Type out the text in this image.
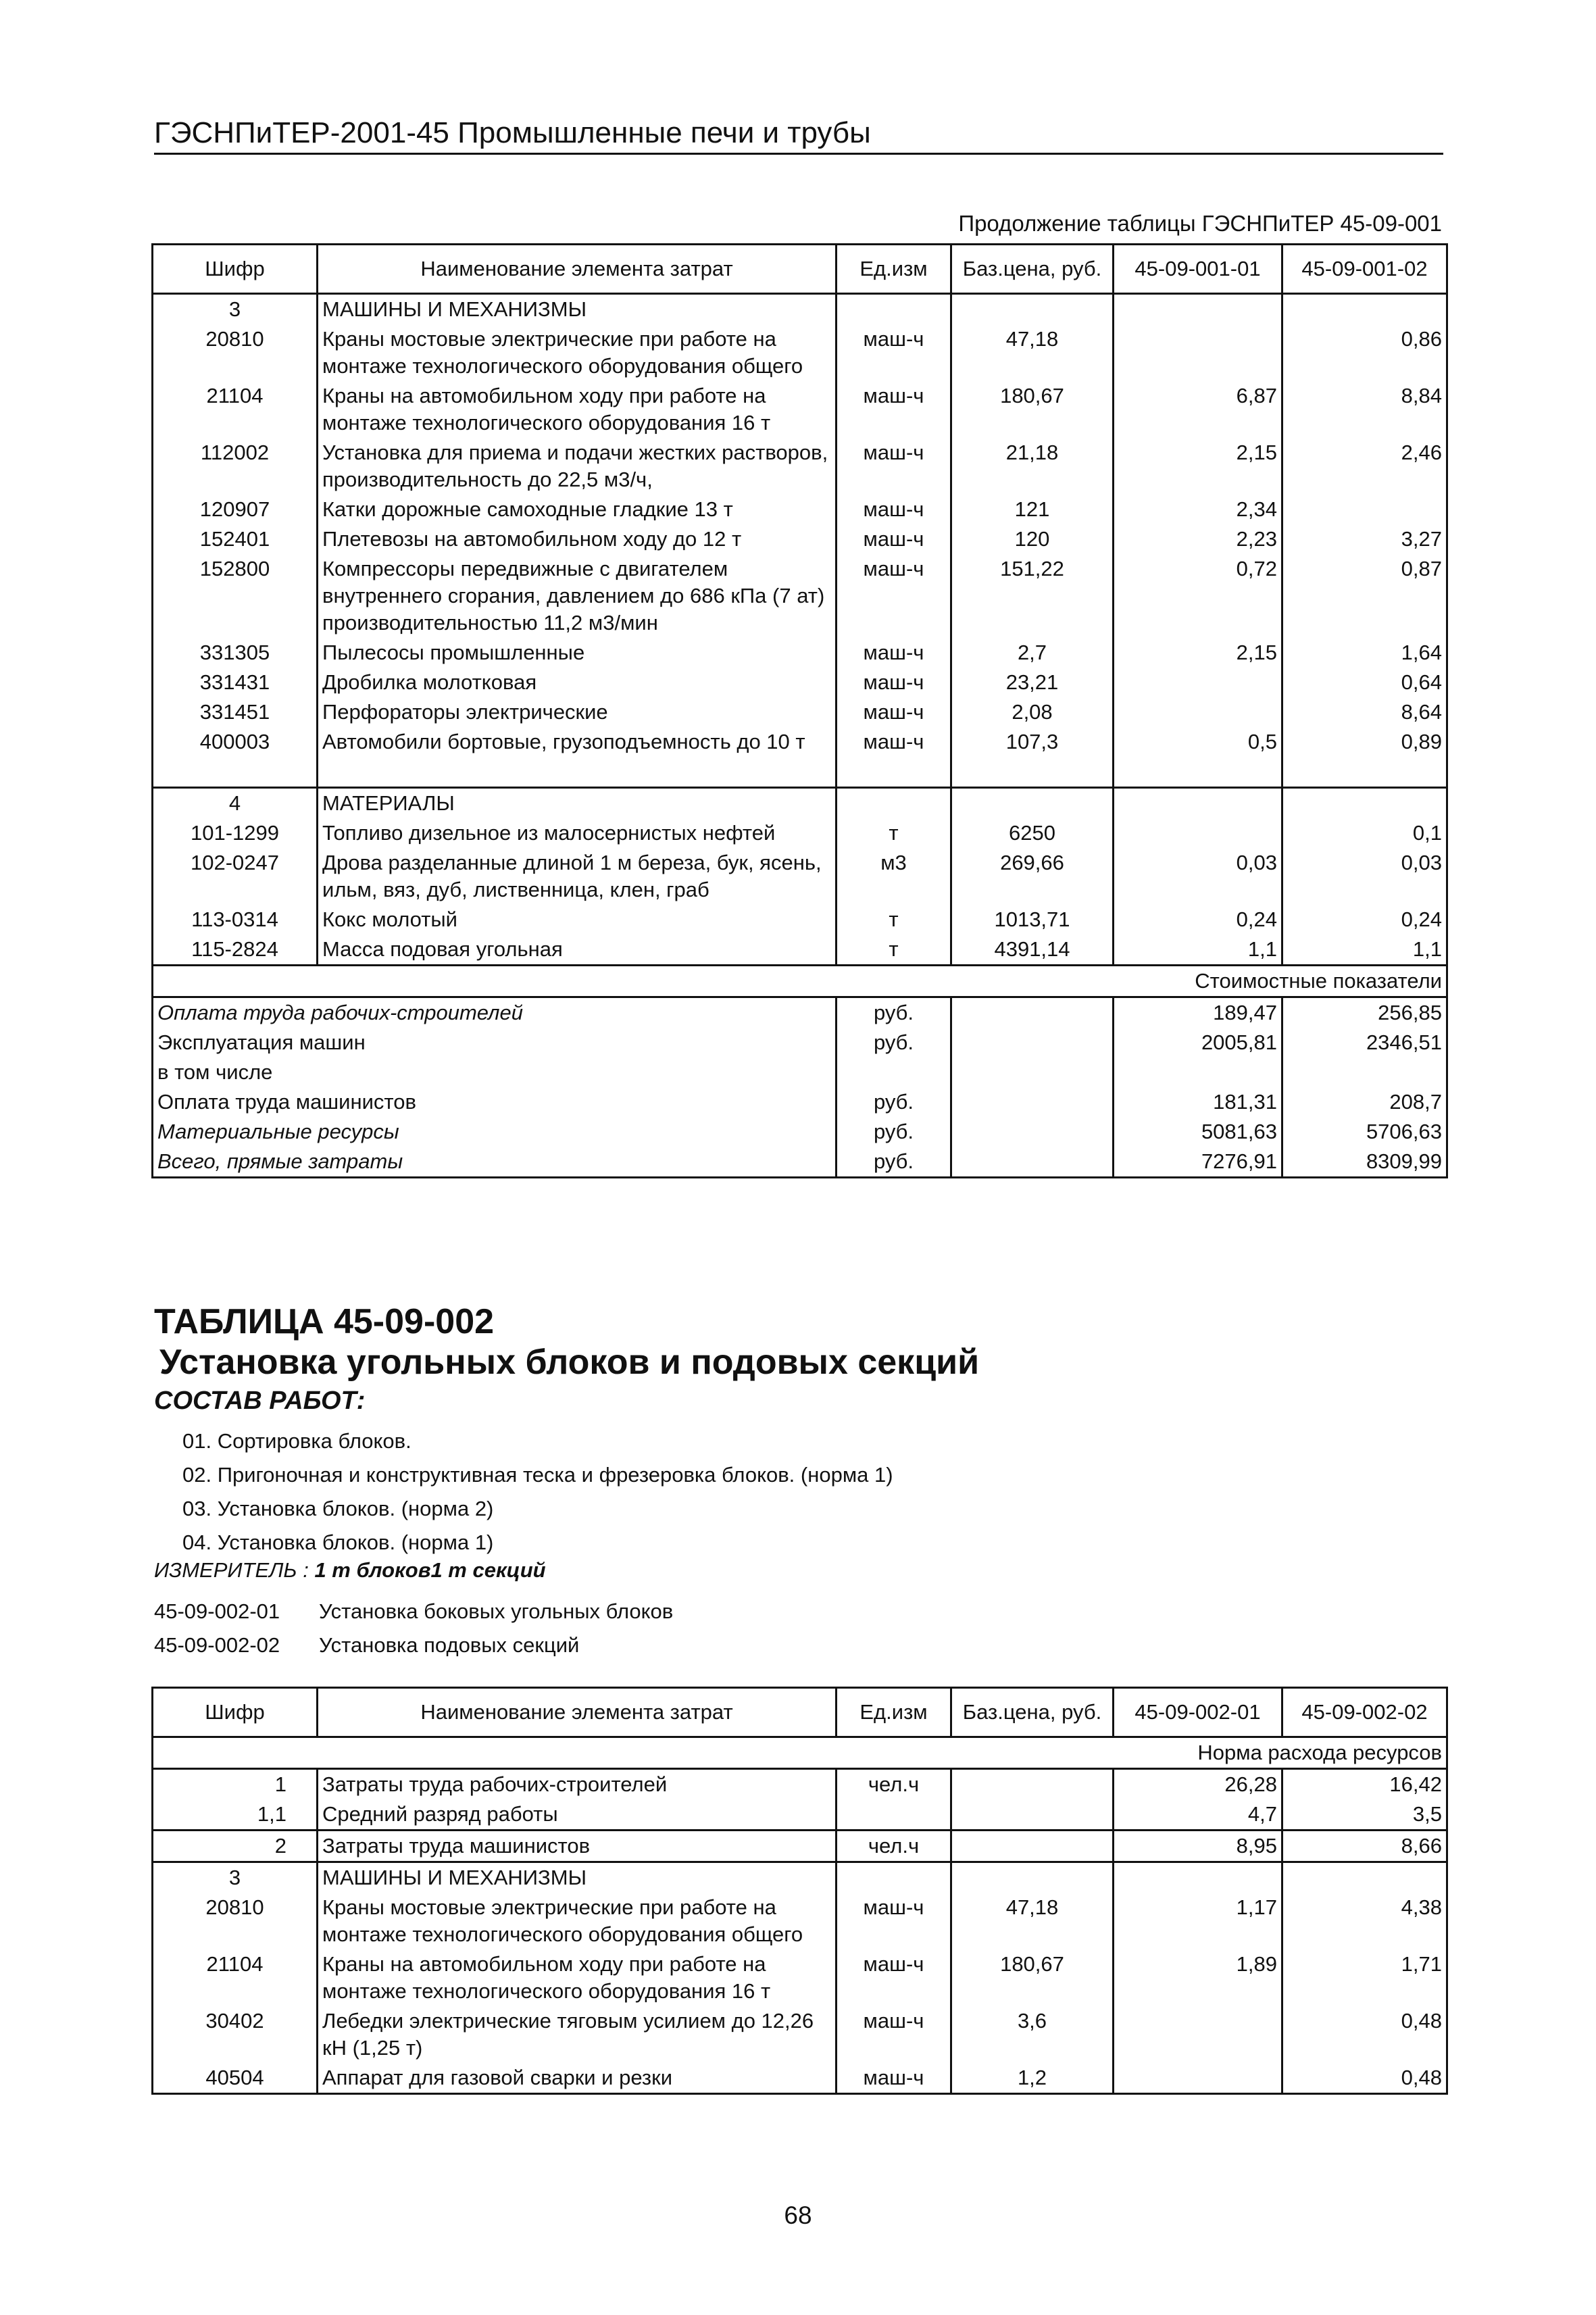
ГЭСНПиТЕР-2001-45 Промышленные печи и трубы
Продолжение таблицы ГЭСНПиТЕР 45-09-001
Шифр	Наименование элемента затрат	Ед.изм	Баз.цена, руб.	45-09-001-01	45-09-001-02
3	МАШИНЫ И МЕХАНИЗМЫ				
20810	Краны мостовые электрические при работе на монтаже технологического оборудования общего	маш-ч	47,18		0,86
21104	Краны на автомобильном ходу при работе на монтаже технологического оборудования 16 т	маш-ч	180,67	6,87	8,84
112002	Установка для приема и подачи жестких растворов, производительность до 22,5 м3/ч,	маш-ч	21,18	2,15	2,46
120907	Катки дорожные самоходные гладкие 13 т	маш-ч	121	2,34	
152401	Плетевозы на автомобильном ходу до 12 т	маш-ч	120	2,23	3,27
152800	Компрессоры передвижные с двигателем внутреннего сгорания, давлением до 686 кПа (7 ат) производительностью 11,2 м3/мин	маш-ч	151,22	0,72	0,87
331305	Пылесосы промышленные	маш-ч	2,7	2,15	1,64
331431	Дробилка молотковая	маш-ч	23,21		0,64
331451	Перфораторы электрические	маш-ч	2,08		8,64
400003	Автомобили бортовые, грузоподъемность до 10 т	маш-ч	107,3	0,5	0,89

4	МАТЕРИАЛЫ				
101-1299	Топливо дизельное из малосернистых нефтей	т	6250		0,1
102-0247	Дрова разделанные длиной 1 м береза, бук, ясень, ильм, вяз, дуб, лиственница, клен, граб	м3	269,66	0,03	0,03
113-0314	Кокс молотый	т	1013,71	0,24	0,24
115-2824	Масса подовая угольная	т	4391,14	1,1	1,1
Стоимостные показатели					
Оплата труда рабочих-строителей		руб.		189,47	256,85
Эксплуатация машин		руб.		2005,81	2346,51
в том числе					
Оплата труда машинистов		руб.		181,31	208,7
Материальные ресурсы		руб.		5081,63	5706,63
Всего, прямые затраты		руб.		7276,91	8309,99
ТАБЛИЦА 45-09-002
Установка угольных блоков и подовых секций
СОСТАВ РАБОТ:
01. Сортировка блоков.
02. Пригоночная и конструктивная теска и фрезеровка блоков. (норма 1)
03. Установка блоков. (норма 2)
04. Установка блоков. (норма 1)
ИЗМЕРИТЕЛЬ : 1 т блоков1 т секций
45-09-002-01 Установка боковых угольных блоков
45-09-002-02 Установка подовых секций
Шифр	Наименование элемента затрат	Ед.изм	Баз.цена, руб.	45-09-002-01	45-09-002-02
Норма расхода ресурсов					
1	Затраты труда рабочих-строителей	чел.ч		26,28	16,42
1,1	Средний разряд работы			4,7	3,5
2	Затраты труда машинистов	чел.ч		8,95	8,66
3	МАШИНЫ И МЕХАНИЗМЫ				
20810	Краны мостовые электрические при работе на монтаже технологического оборудования общего	маш-ч	47,18	1,17	4,38
21104	Краны на автомобильном ходу при работе на монтаже технологического оборудования 16 т	маш-ч	180,67	1,89	1,71
30402	Лебедки электрические тяговым усилием до 12,26 кН (1,25 т)	маш-ч	3,6		0,48
40504	Аппарат для газовой сварки и резки	маш-ч	1,2		0,48
68
